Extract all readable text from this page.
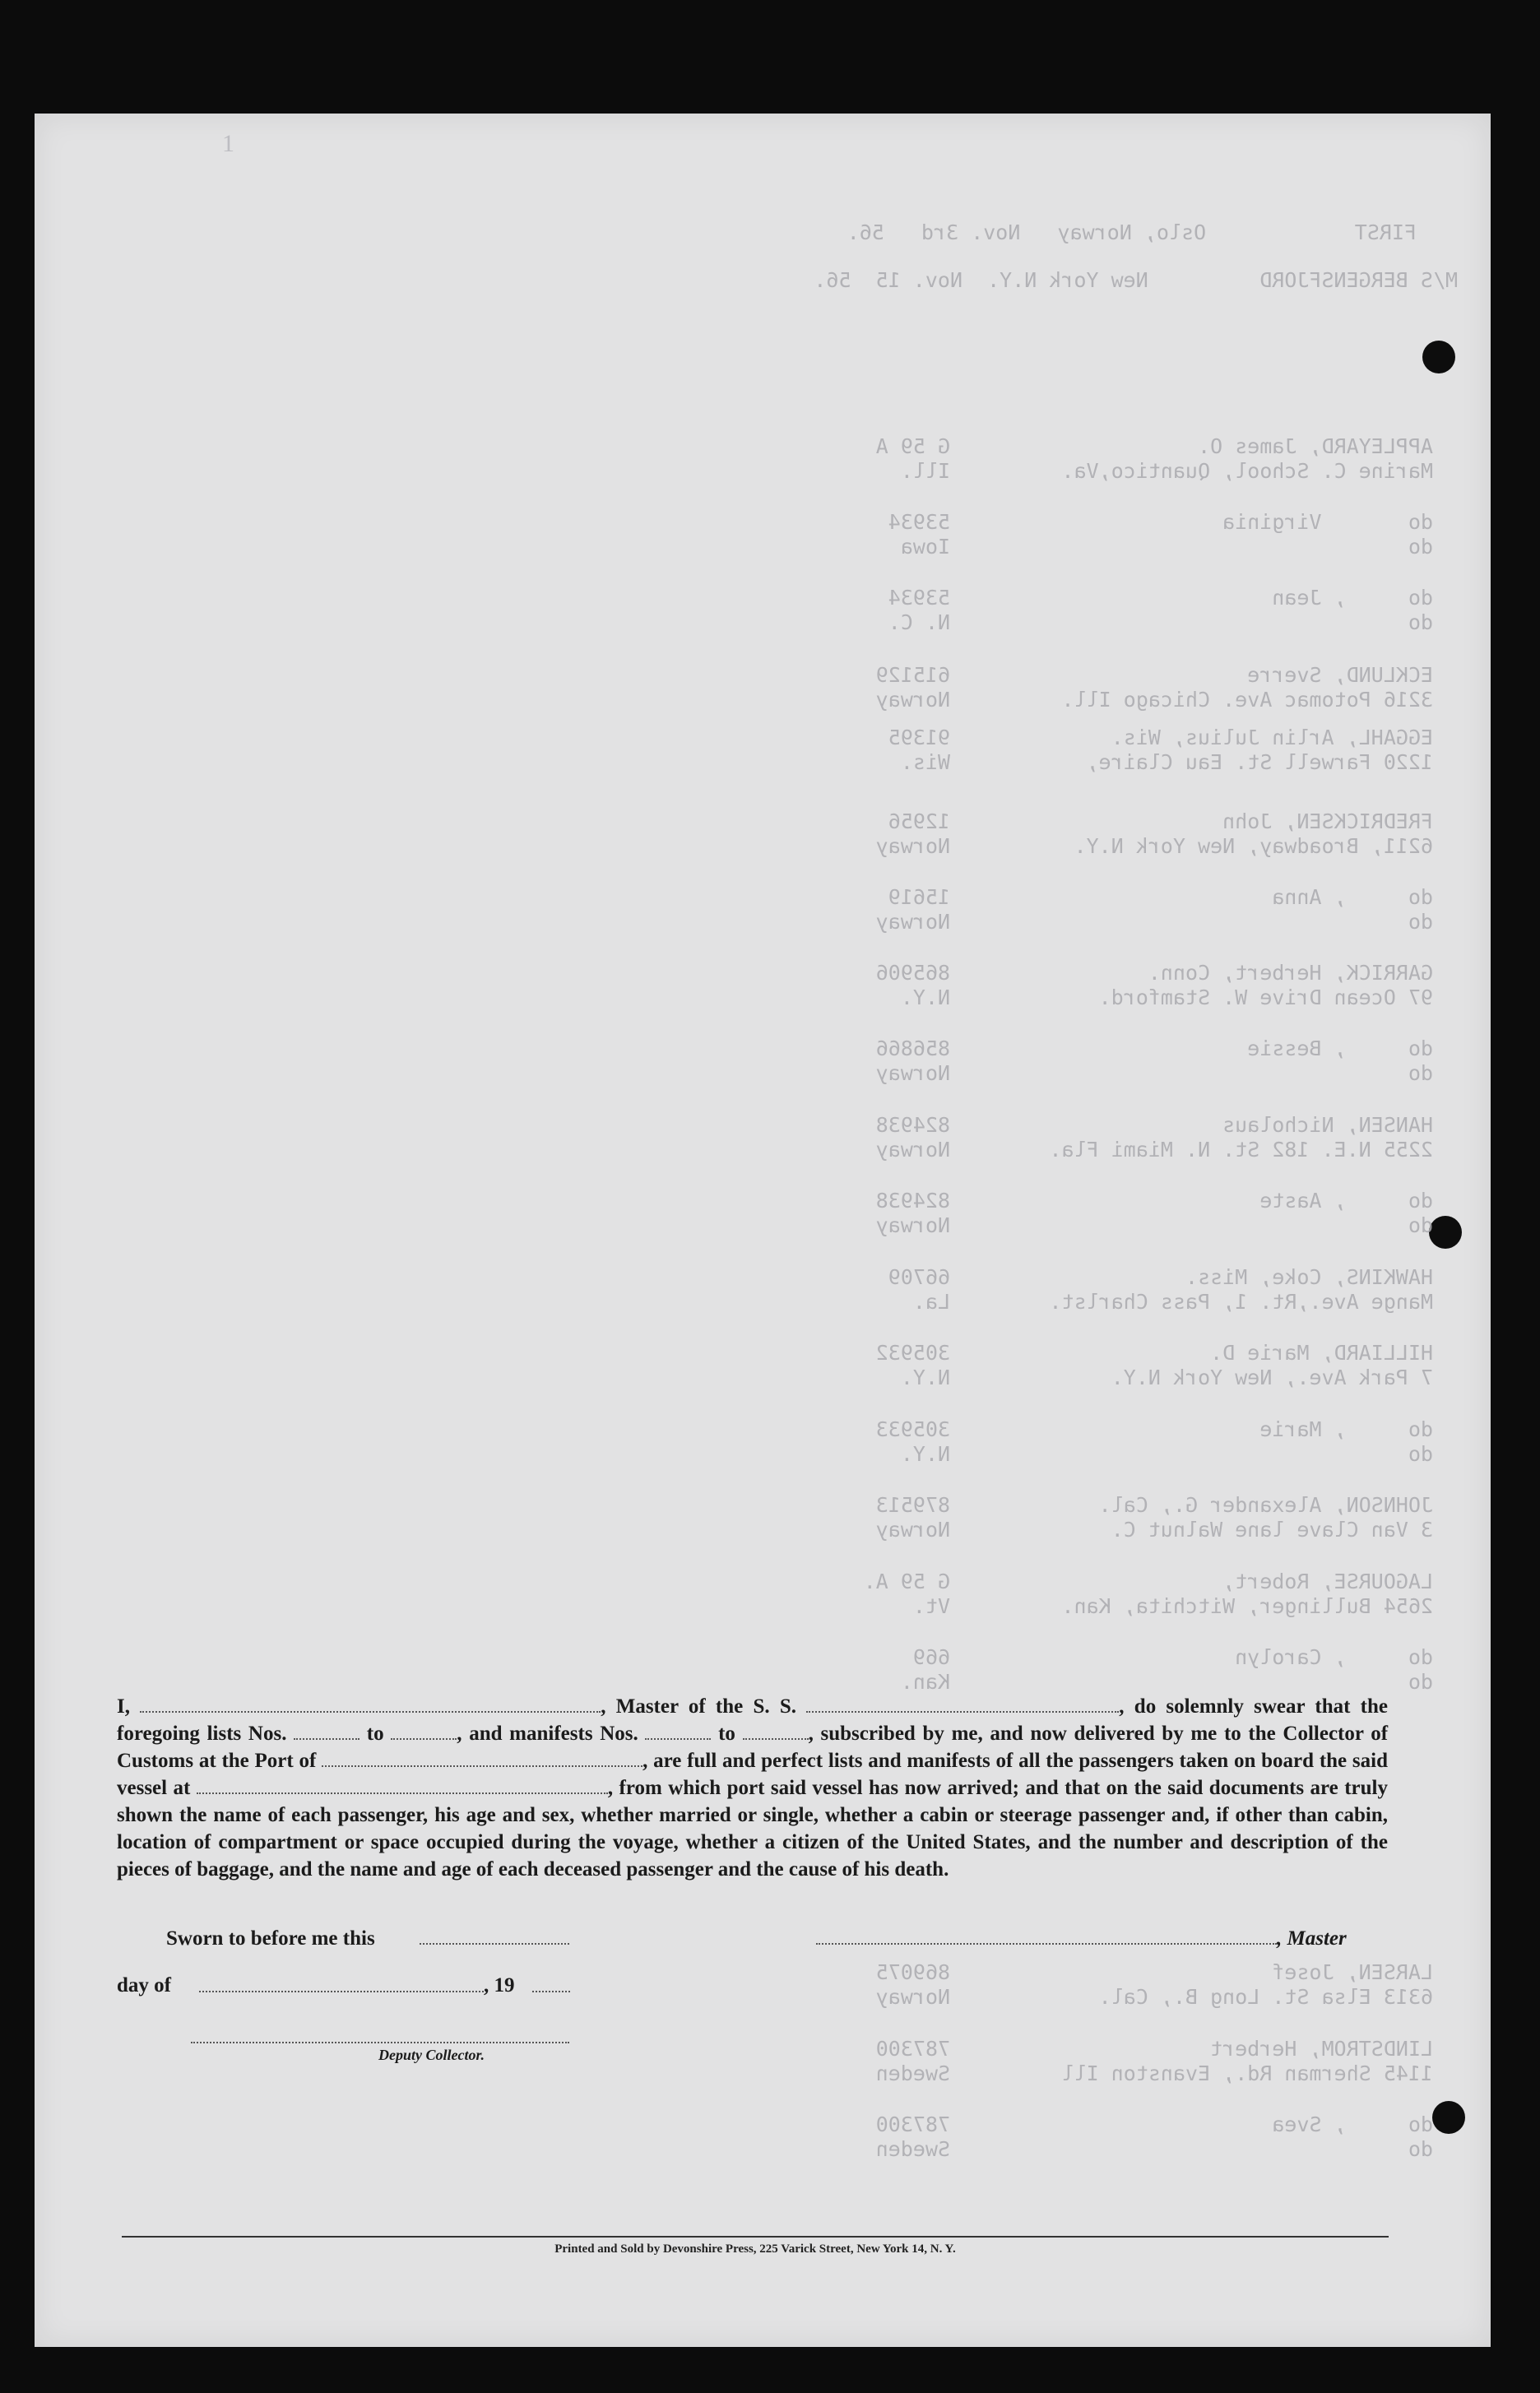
1
FIRST            Oslo, Norway   Nov. 3rd   56.
M/S BERGENSFJORD         New York N.Y.  Nov. 15  56.
APPLEYARD, James O.                    G 59 A
Marine C. School, Quantico,Va.         Ill.
do       Virginia                      53934
do                                     Iowa
do     , Jean                          53934
do                                     N. C.
ECKLUND, Sverre                        615129
3216 Potomac Ave. Chicago Ill.         Norway
EGGAHL, Arlin Julius, Wis.             91395
1220 Farwell St. Eau Claire,           Wis.
FREDRICKSEN, John                      12956
6211, Broadway, New York N.Y.          Norway
do     , Anna                          15619
do                                     Norway
GARRICK, Herbert, Conn.                865906
97 Ocean Drive W. Stamford.            N.Y.
do     , Bessie                        856866
do                                     Norway
HANSEN, Nicholaus                      824938
2255 N.E. 182 St. N. Miami Fla.        Norway
do     , Aaste                         824938
do                                     Norway
HAWKINS, Coke, Miss.                   66709
Mange Ave.,Rt. 1, Pass Charlst.        La.
HILLIARD, Marie D.                     305932
7 Park Ave., New York N.Y.             N.Y.
do     , Marie                         305933
do                                     N.Y.
JOHNSON, Alexander G., Cal.            879513
3 Van Clave lane Walnut C.             Norway
LAGOURSE, Robert,                      G 59 A.
2654 Bullinger, Witchita, Kan.         Vt.
do     , Carolyn                       669
do                                     Kan.
LARSEN, Josef                          869075
6313 Elsa St. Long B., Cal.            Norway
LINDSTROM, Herbert                     787300
1145 Sherman Rd., Evanston Ill         Sweden
do     , Svea                          787300
do                                     Sweden
I,	, Master of the S. S.	, do solemnly swear that the foregoing lists Nos.	to	, and manifests Nos.	to	, subscribed by me, and now delivered by me to the Collector of Customs at the Port of	, are full and perfect lists and manifests of all the passengers taken on board the said vessel at	, from which port said vessel has now arrived; and that on the said documents are truly shown the name of each passenger, his age and sex, whether married or single, whether a cabin or steerage passenger and, if other than cabin, location of compartment or space occupied during the voyage, whether a citizen of the United States, and the number and description of the pieces of baggage, and the name and age of each deceased passenger and the cause of his death.
Sworn to before me this	, Master
day of	, 19
Deputy Collector.
Printed and Sold by Devonshire Press, 225 Varick Street, New York 14, N. Y.
